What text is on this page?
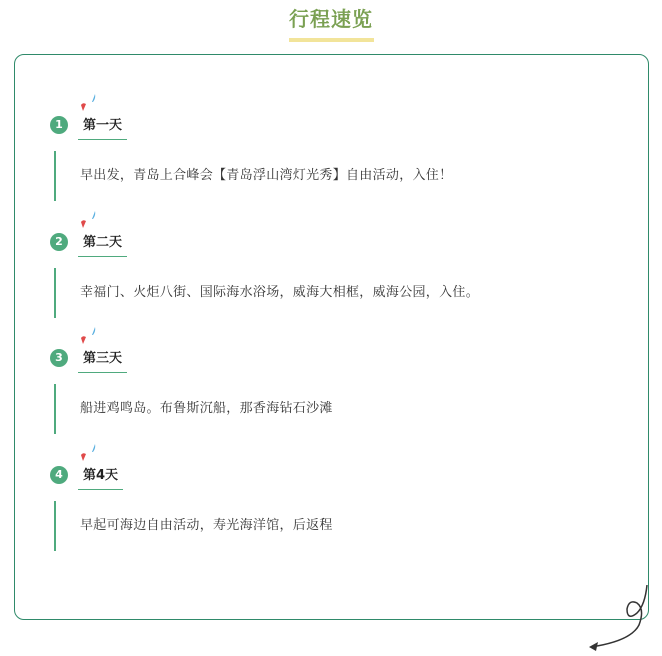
行程速览
1	第一天
早出发，青岛上合峰会【青岛浮山湾灯光秀】自由活动，入住！
2	第二天
幸福门、火炬八街、国际海水浴场，威海大相框，威海公园，入住。
3	第三天
船进鸡鸣岛。布鲁斯沉船，那香海钻石沙滩
4	第4天
早起可海边自由活动，寿光海洋馆，后返程
